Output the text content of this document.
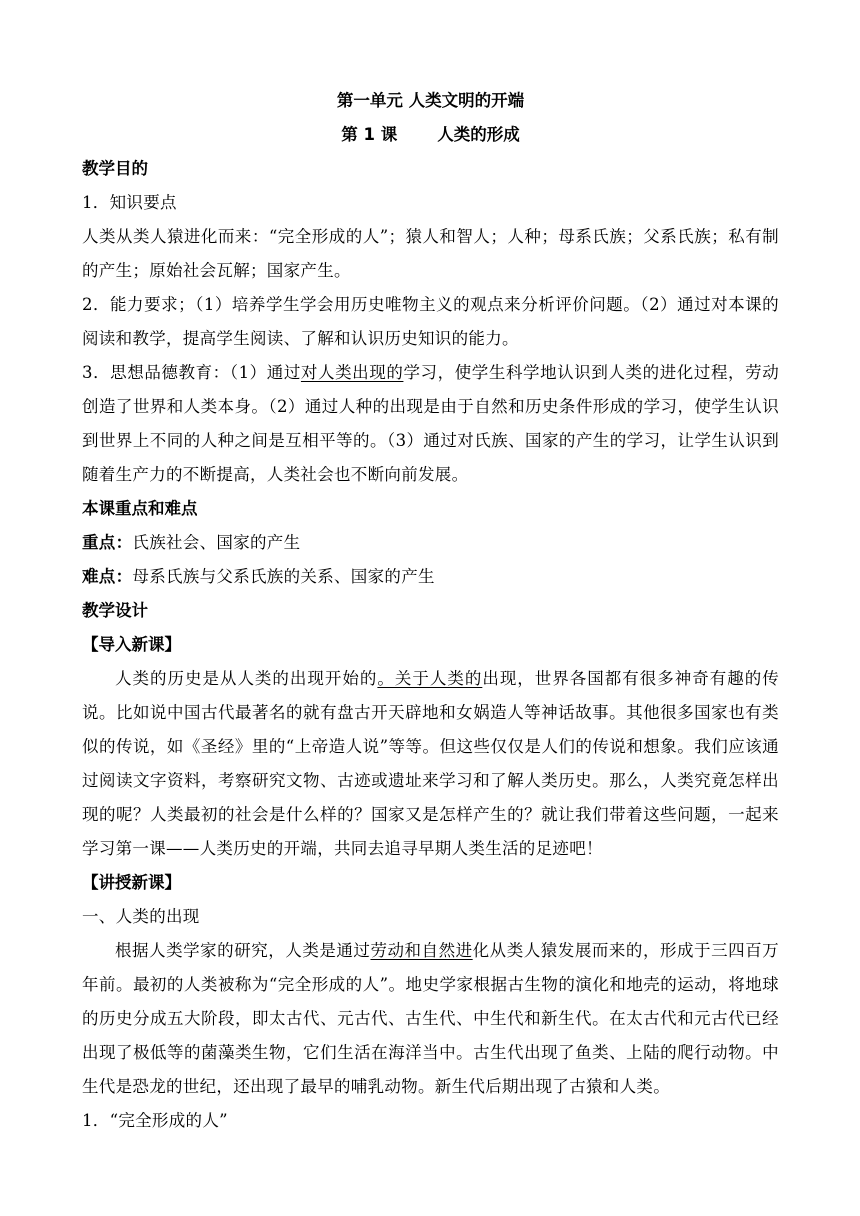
第一单元 人类文明的开端
第 1 课 人类的形成
教学目的

1．知识要点

人类从类人猿进化而来：“完全形成的人”；猿人和智人；人种；母系氏族；父系氏族；私有制的产生；原始社会瓦解；国家产生。

2．能力要求；（1）培养学生学会用历史唯物主义的观点来分析评价问题。（2）通过对本课的阅读和教学，提高学生阅读、了解和认识历史知识的能力。

3．思想品德教育：（1）通过对人类出现的学习，使学生科学地认识到人类的进化过程，劳动创造了世界和人类本身。（2）通过人种的出现是由于自然和历史条件形成的学习，使学生认识到世界上不同的人种之间是互相平等的。（3）通过对氏族、国家的产生的学习，让学生认识到随着生产力的不断提高，人类社会也不断向前发展。

本课重点和难点

重点：氏族社会、国家的产生

难点：母系氏族与父系氏族的关系、国家的产生

教学设计
【导入新课】

人类的历史是从人类的出现开始的。关于人类的出现，世界各国都有很多神奇有趣的传说。比如说中国古代最著名的就有盘古开天辟地和女娲造人等神话故事。其他很多国家也有类似的传说，如《圣经》里的“上帝造人说”等等。但这些仅仅是人们的传说和想象。我们应该通过阅读文字资料，考察研究文物、古迹或遗址来学习和了解人类历史。那么，人类究竟怎样出现的呢？人类最初的社会是什么样的？国家又是怎样产生的？就让我们带着这些问题，一起来学习第一课——人类历史的开端，共同去追寻早期人类生活的足迹吧！

【讲授新课】

一、人类的出现

根据人类学家的研究，人类是通过劳动和自然进化从类人猿发展而来的，形成于三四百万年前。最初的人类被称为“完全形成的人”。地史学家根据古生物的演化和地壳的运动，将地球的历史分成五大阶段，即太古代、元古代、古生代、中生代和新生代。在太古代和元古代已经出现了极低等的菌藻类生物，它们生活在海洋当中。古生代出现了鱼类、上陆的爬行动物。中生代是恐龙的世纪，还出现了最早的哺乳动物。新生代后期出现了古猿和人类。

1．“完全形成的人”
